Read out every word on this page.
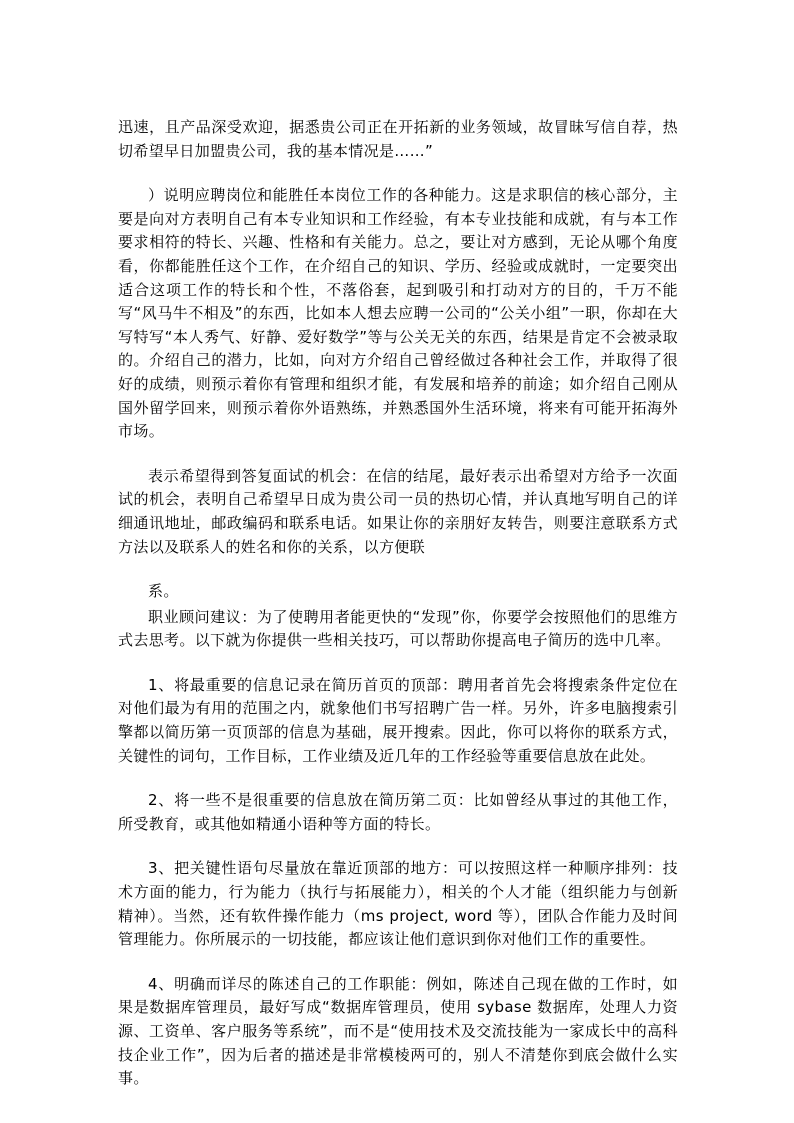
迅速，且产品深受欢迎，据悉贵公司正在开拓新的业务领域，故冒昧写信自荐，热切希望早日加盟贵公司，我的基本情况是……”

）说明应聘岗位和能胜任本岗位工作的各种能力。这是求职信的核心部分，主要是向对方表明自己有本专业知识和工作经验，有本专业技能和成就，有与本工作要求相符的特长、兴趣、性格和有关能力。总之，要让对方感到，无论从哪个角度看，你都能胜任这个工作，在介绍自己的知识、学历、经验或成就时，一定要突出适合这项工作的特长和个性，不落俗套，起到吸引和打动对方的目的，千万不能写“风马牛不相及”的东西，比如本人想去应聘一公司的“公关小组”一职，你却在大写特写“本人秀气、好静、爱好数学”等与公关无关的东西，结果是肯定不会被录取的。介绍自己的潜力，比如，向对方介绍自己曾经做过各种社会工作，并取得了很好的成绩，则预示着你有管理和组织才能，有发展和培养的前途；如介绍自己刚从国外留学回来，则预示着你外语熟练，并熟悉国外生活环境，将来有可能开拓海外市场。

表示希望得到答复面试的机会：在信的结尾，最好表示出希望对方给予一次面试的机会，表明自己希望早日成为贵公司一员的热切心情，并认真地写明自己的详细通讯地址，邮政编码和联系电话。如果让你的亲朋好友转告，则要注意联系方式方法以及联系人的姓名和你的关系，以方便联

系。

职业顾问建议：为了使聘用者能更快的“发现”你，你要学会按照他们的思维方式去思考。以下就为你提供一些相关技巧，可以帮助你提高电子简历的选中几率。

1、将最重要的信息记录在简历首页的顶部：聘用者首先会将搜索条件定位在对他们最为有用的范围之内，就象他们书写招聘广告一样。另外，许多电脑搜索引擎都以简历第一页顶部的信息为基础，展开搜索。因此，你可以将你的联系方式，关键性的词句，工作目标，工作业绩及近几年的工作经验等重要信息放在此处。

2、将一些不是很重要的信息放在简历第二页：比如曾经从事过的其他工作，所受教育，或其他如精通小语种等方面的特长。

3、把关键性语句尽量放在靠近顶部的地方：可以按照这样一种顺序排列：技术方面的能力，行为能力（执行与拓展能力），相关的个人才能（组织能力与创新精神）。当然，还有软件操作能力（ms project, word 等），团队合作能力及时间管理能力。你所展示的一切技能，都应该让他们意识到你对他们工作的重要性。

4、明确而详尽的陈述自己的工作职能：例如，陈述自己现在做的工作时，如果是数据库管理员，最好写成“数据库管理员，使用 sybase 数据库，处理人力资源、工资单、客户服务等系统”，而不是“使用技术及交流技能为一家成长中的高科技企业工作”，因为后者的描述是非常模棱两可的，别人不清楚你到底会做什么实事。
